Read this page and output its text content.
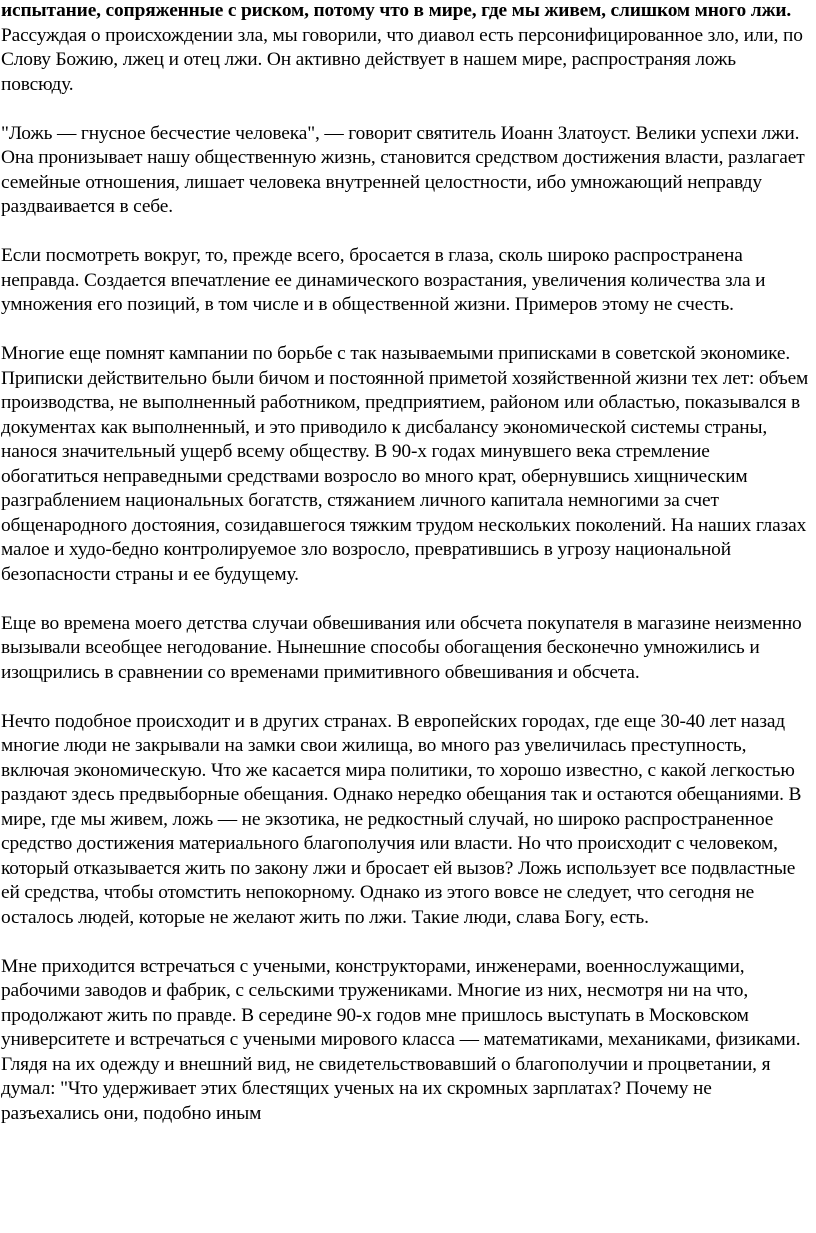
испытание, сопряженные с риском, потому что в мире, где мы живем, слишком много лжи. Рассуждая о происхождении зла, мы говорили, что диавол есть персонифицированное зло, или, по Слову Божию, лжец и отец лжи. Он активно действует в нашем мире, распространяя ложь повсюду.

"Ложь — гнусное бесчестие человека", — говорит святитель Иоанн Златоуст. Велики успехи лжи. Она пронизывает нашу общественную жизнь, становится средством достижения власти, разлагает семейные отношения, лишает человека внутренней целостности, ибо умножающий неправду раздваивается в себе.

Если посмотреть вокруг, то, прежде всего, бросается в глаза, сколь широко распространена неправда. Создается впечатление ее динамического возрастания, увеличения количества зла и умножения его позиций, в том числе и в общественной жизни. Примеров этому не счесть.

Многие еще помнят кампании по борьбе с так называемыми приписками в советской экономике. Приписки действительно были бичом и постоянной приметой хозяйственной жизни тех лет: объем производства, не выполненный работником, предприятием, районом или областью, показывался в документах как выполненный, и это приводило к дисбалансу экономической системы страны, нанося значительный ущерб всему обществу. В 90-х годах минувшего века стремление обогатиться неправедными средствами возросло во много крат, обернувшись хищническим разграблением национальных богатств, стяжанием личного капитала немногими за счет общенародного достояния, созидавшегося тяжким трудом нескольких поколений. На наших глазах малое и худо-бедно контролируемое зло возросло, превратившись в угрозу национальной безопасности страны и ее будущему.

Еще во времена моего детства случаи обвешивания или обсчета покупателя в магазине неизменно вызывали всеобщее негодование. Нынешние способы обогащения бесконечно умножились и изощрились в сравнении со временами примитивного обвешивания и обсчета.

Нечто подобное происходит и в других странах. В европейских городах, где еще 30-40 лет назад многие люди не закрывали на замки свои жилища, во много раз увеличилась преступность, включая экономическую. Что же касается мира политики, то хорошо известно, с какой легкостью раздают здесь предвыборные обещания. Однако нередко обещания так и остаются обещаниями. В мире, где мы живем, ложь — не экзотика, не редкостный случай, но широко распространенное средство достижения материального благополучия или власти. Но что происходит с человеком, который отказывается жить по закону лжи и бросает ей вызов? Ложь использует все подвластные ей средства, чтобы отомстить непокорному. Однако из этого вовсе не следует, что сегодня не осталось людей, которые не желают жить по лжи. Такие люди, слава Богу, есть.

Мне приходится встречаться с учеными, конструкторами, инженерами, военнослужащими, рабочими заводов и фабрик, с сельскими тружениками. Многие из них, несмотря ни на что, продолжают жить по правде. В середине 90-х годов мне пришлось выступать в Московском университете и встречаться с учеными мирового класса — математиками, механиками, физиками. Глядя на их одежду и внешний вид, не свидетельствовавший о благополучии и процветании, я думал: "Что удерживает этих блестящих ученых на их скромных зарплатах? Почему не разъехались они, подобно иным
